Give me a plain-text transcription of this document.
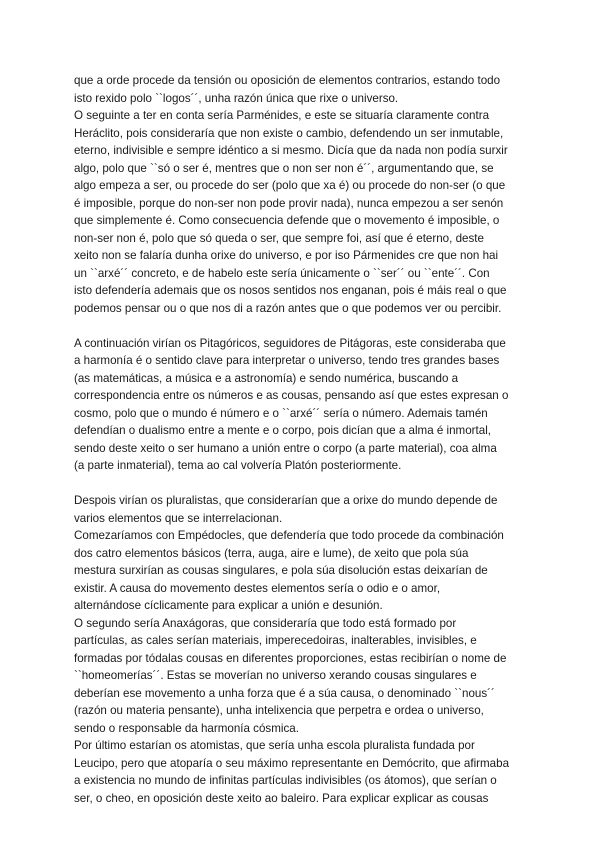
que a orde procede da tensión ou oposición de elementos contrarios, estando todo
isto rexido polo ``logos´´, unha razón única que rixe o universo.
O seguinte a ter en conta sería Parménides, e este se situaría claramente contra
Heráclito, pois consideraría que non existe o cambio, defendendo un ser inmutable,
eterno, indivisible e sempre idéntico a si mesmo. Dicía que da nada non podía surxir
algo, polo que ``só o ser é, mentres que o non ser non é´´, argumentando que, se
algo empeza a ser, ou procede do ser (polo que xa é) ou procede do non-ser (o que
é imposible, porque do non-ser non pode provir nada), nunca empezou a ser senón
que simplemente é. Como consecuencia defende que o movemento é imposible, o
non-ser non é, polo que só queda o ser, que sempre foi, así que é eterno, deste
xeito non se falaría dunha orixe do universo, e por iso Pármenides cre que non hai
un ``arxé´´ concreto, e de habelo este sería únicamente o ``ser´´ ou ``ente´´. Con
isto defendería ademais que os nosos sentidos nos enganan, pois é máis real o que
podemos pensar ou o que nos di a razón antes que o que podemos ver ou percibir.
A continuación virían os Pitagóricos, seguidores de Pitágoras, este consideraba que
a harmonía é o sentido clave para interpretar o universo, tendo tres grandes bases
(as matemáticas, a música e a astronomía) e sendo numérica, buscando a
correspondencia entre os números e as cousas, pensando así que estes expresan o
cosmo, polo que o mundo é número e o ``arxé´´ sería o número. Ademais tamén
defendían o dualismo entre a mente e o corpo, pois dicían que a alma é inmortal,
sendo deste xeito o ser humano a unión entre o corpo (a parte material), coa alma
(a parte inmaterial), tema ao cal volvería Platón posteriormente.
Despois virían os pluralistas, que considerarían que a orixe do mundo depende de
varios elementos que se interrelacionan.
Comezaríamos con Empédocles, que defendería que todo procede da combinación
dos catro elementos básicos (terra, auga, aire e lume), de xeito que pola súa
mestura surxirían as cousas singulares, e pola súa disolución estas deixarían de
existir. A causa do movemento destes elementos sería o odio e o amor,
alternándose cíclicamente para explicar a unión e desunión.
O segundo sería Anaxágoras, que consideraría que todo está formado por
partículas, as cales serían materiais, imperecedoiras, inalterables, invisibles, e
formadas por tódalas cousas en diferentes proporciones, estas recibirían o nome de
``homeomerías´´. Estas se moverían no universo xerando cousas singulares e
deberían ese movemento a unha forza que é a súa causa, o denominado ``nous´´
(razón ou materia pensante), unha intelixencia que perpetra e ordea o universo,
sendo o responsable da harmonía cósmica.
Por último estarían os atomistas, que sería unha escola pluralista fundada por
Leucipo, pero que atoparía o seu máximo representante en Demócrito, que afirmaba
a existencia no mundo de infinitas partículas indivisibles (os átomos), que serían o
ser, o cheo, en oposición deste xeito ao baleiro. Para explicar explicar as cousas
